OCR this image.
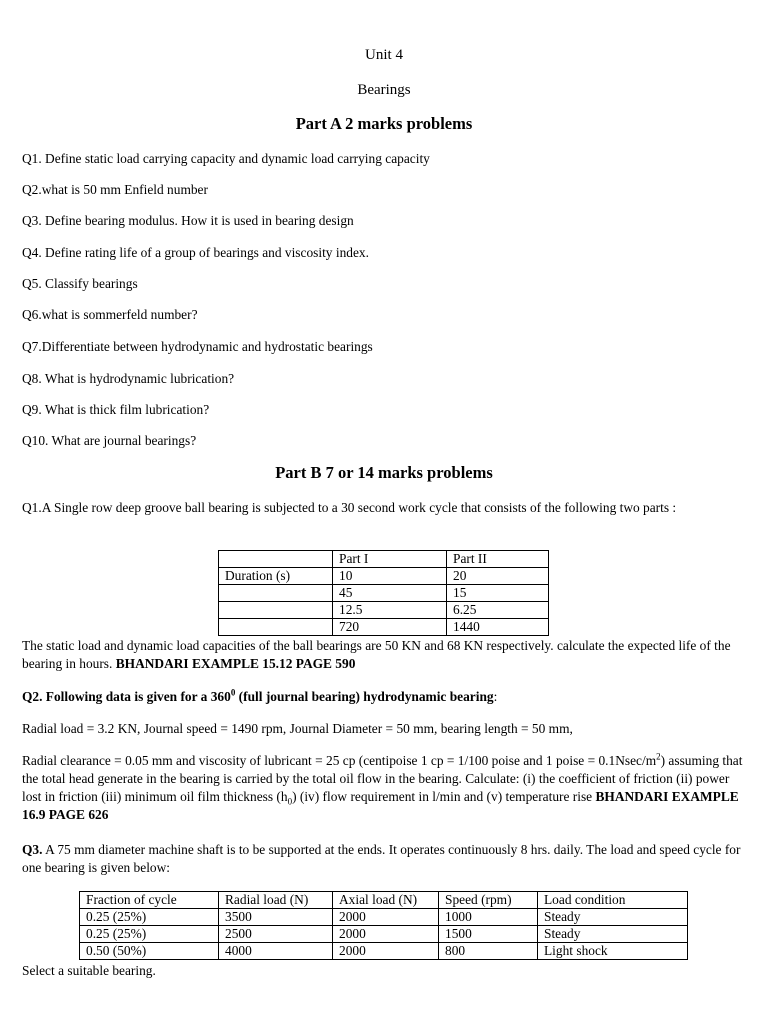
Unit 4
Bearings
Part A 2 marks problems

Q1. Define static load carrying capacity and dynamic load carrying capacity

Q2.what is 50 mm Enfield number

Q3. Define bearing modulus. How it is used in bearing design

Q4. Define rating life of a group of bearings and viscosity index.

Q5. Classify bearings

Q6.what is sommerfeld number?

Q7.Differentiate between hydrodynamic and hydrostatic bearings

Q8. What is hydrodynamic lubrication?

Q9. What is thick film lubrication?

Q10. What are journal bearings?

Part B 7 or 14 marks problems

Q1.A Single row deep groove ball bearing is subjected to a 30 second work cycle that consists of the following two parts :

	Part I	Part II
Duration (s)	10	20
	45	15
	12.5	6.25
	720	1440

The static load and dynamic load capacities of the ball bearings are 50 KN and 68 KN respectively. calculate the expected life of the bearing in hours. BHANDARI EXAMPLE 15.12 PAGE 590

Q2. Following data is given for a $360^0$ (full journal bearing) hydrodynamic bearing:

Radial load = 3.2 KN, Journal speed = 1490 rpm, Journal Diameter = 50 mm, bearing length = 50 mm,

Radial clearance = 0.05 mm and viscosity of lubricant = 25 cp (centipoise 1 cp = 1/100 poise and 1 poise = $0.1Nsec/m^2$) assuming that the total head generate in the bearing is carried by the total oil flow in the bearing. Calculate: (i) the coefficient of friction (ii) power lost in friction (iii) minimum oil film thickness $(h_0)$ (iv) flow requirement in l/min and (v) temperature rise BHANDARI EXAMPLE 16.9 PAGE 626

Q3. A 75 mm diameter machine shaft is to be supported at the ends. It operates continuously 8 hrs. daily. The load and speed cycle for one bearing is given below:

Fraction of cycle	Radial load (N)	Axial load (N)	Speed (rpm)	Load condition
0.25 (25%)	3500	2000	1000	Steady
0.25 (25%)	2500	2000	1500	Steady
0.50 (50%)	4000	2000	800	Light shock

Select a suitable bearing.
